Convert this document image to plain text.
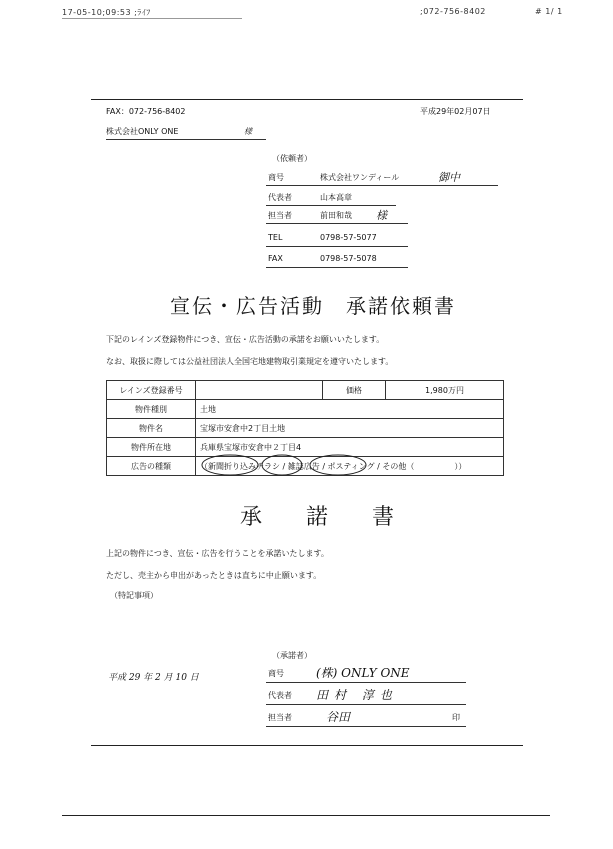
17-05-10;09:53 ;ﾗｲﾌ	;072-756-8402	# 1/ 1
FAX：072-756-8402
株式会社ONLY ONE	様
平成29年02月07日
（依頼者）
商号	株式会社ワンディール	御中
代表者	山本高章
担当者	前田和哉 様
TEL	0798-57-5077
FAX	0798-57-5078
宣伝・広告活動　承諾依頼書
下記のレインズ登録物件につき、宣伝・広告活動の承諾をお願いいたします。
なお、取扱に際しては公益社団法人全国宅地建物取引業規定を遵守いたします。
レインズ登録番号		価格	1,980万円
物件種別	土地		
物件名	宝塚市安倉中2丁目土地		
物件所在地	兵庫県宝塚市安倉中２丁目4		
広告の種類	（新聞折り込みチラシ / 雑誌広告 / ポスティング / その他（　　　　　））		
承　　諾　　書
上記の物件につき、宣伝・広告を行うことを承諾いたします。
ただし、売主から申出があったときは直ちに中止願います。
（特記事項）
（承諾者）
平成 29 年 2 月 10 日	商号	(株) ONLY ONE
代表者 田村 淳也
担当者	谷田	印
